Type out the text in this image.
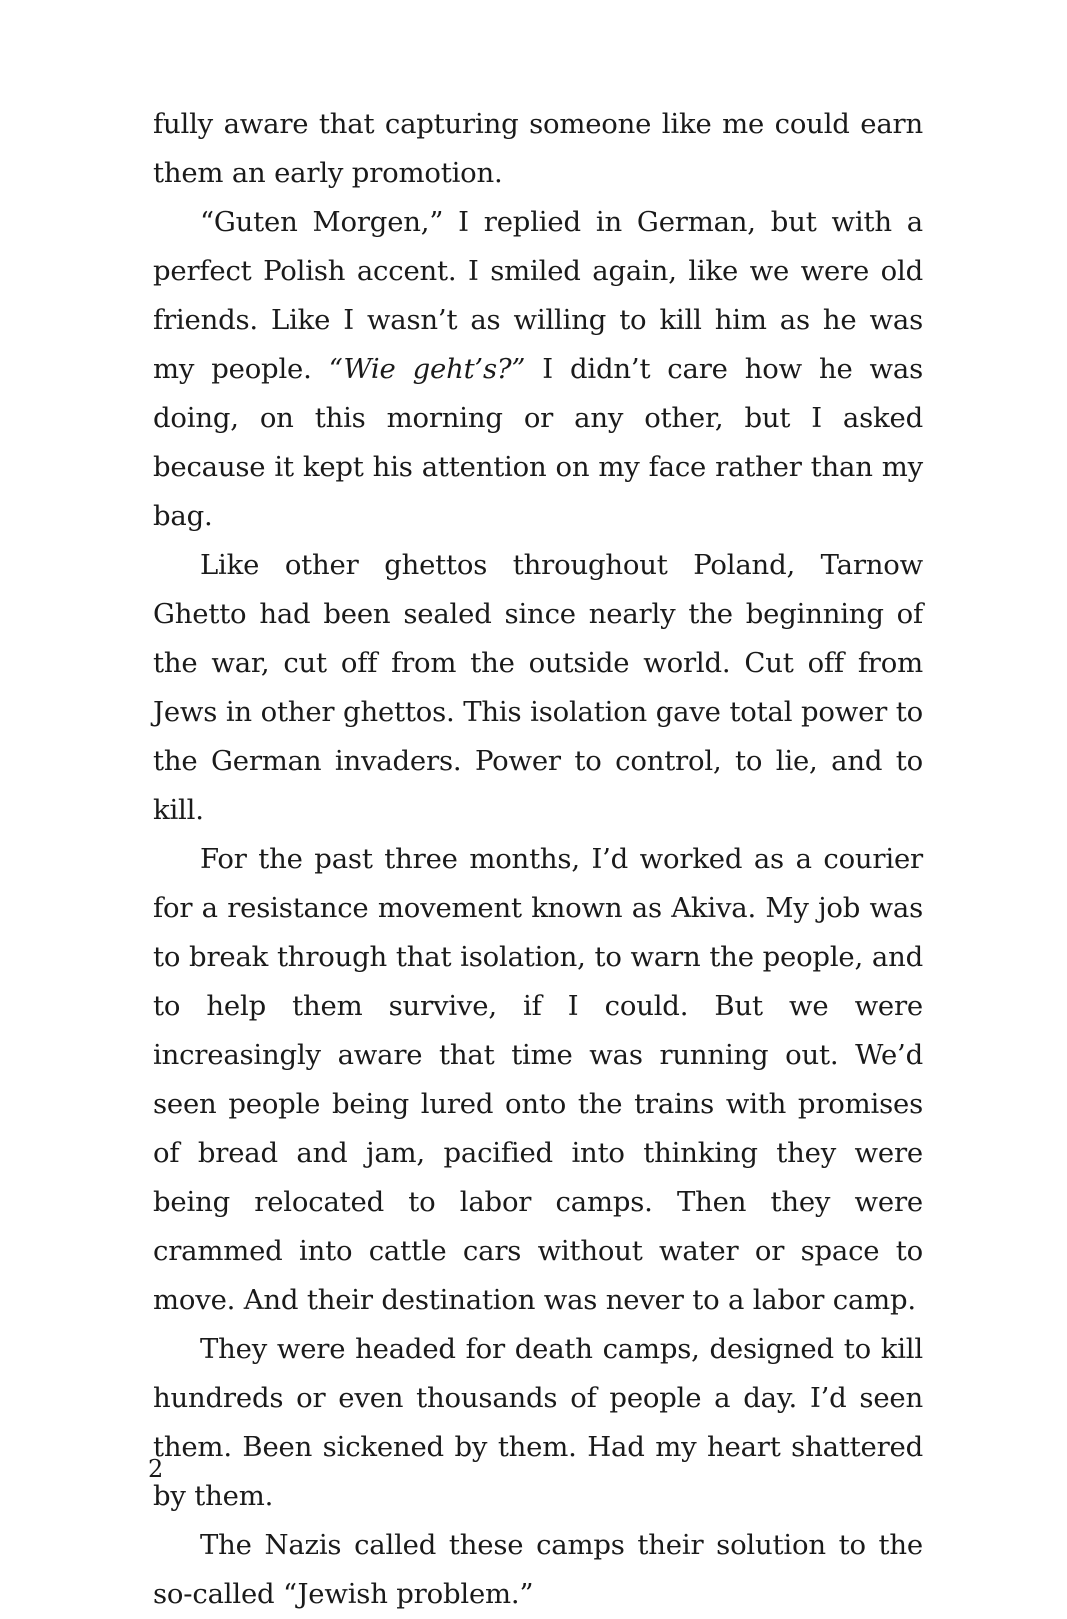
fully aware that capturing someone like me could earn them an early promotion.

“Guten Morgen,” I replied in German, but with a perfect Polish accent. I smiled again, like we were old friends. Like I wasn’t as willing to kill him as he was my people. “Wie geht’s?” I didn’t care how he was doing, on this morning or any other, but I asked because it kept his attention on my face rather than my bag.

Like other ghettos throughout Poland, Tarnow Ghetto had been sealed since nearly the beginning of the war, cut off from the outside world. Cut off from Jews in other ghettos. This isolation gave total power to the German invaders. Power to control, to lie, and to kill.

For the past three months, I’d worked as a courier for a resistance movement known as Akiva. My job was to break through that isolation, to warn the people, and to help them survive, if I could. But we were increasingly aware that time was running out. We’d seen people being lured onto the trains with promises of bread and jam, pacified into thinking they were being relocated to labor camps. Then they were crammed into cattle cars without water or space to move. And their destination was never to a labor camp.

They were headed for death camps, designed to kill hundreds or even thousands of people a day. I’d seen them. Been sickened by them. Had my heart shattered by them.

The Nazis called these camps their solution to the so-called “Jewish problem.”

2
